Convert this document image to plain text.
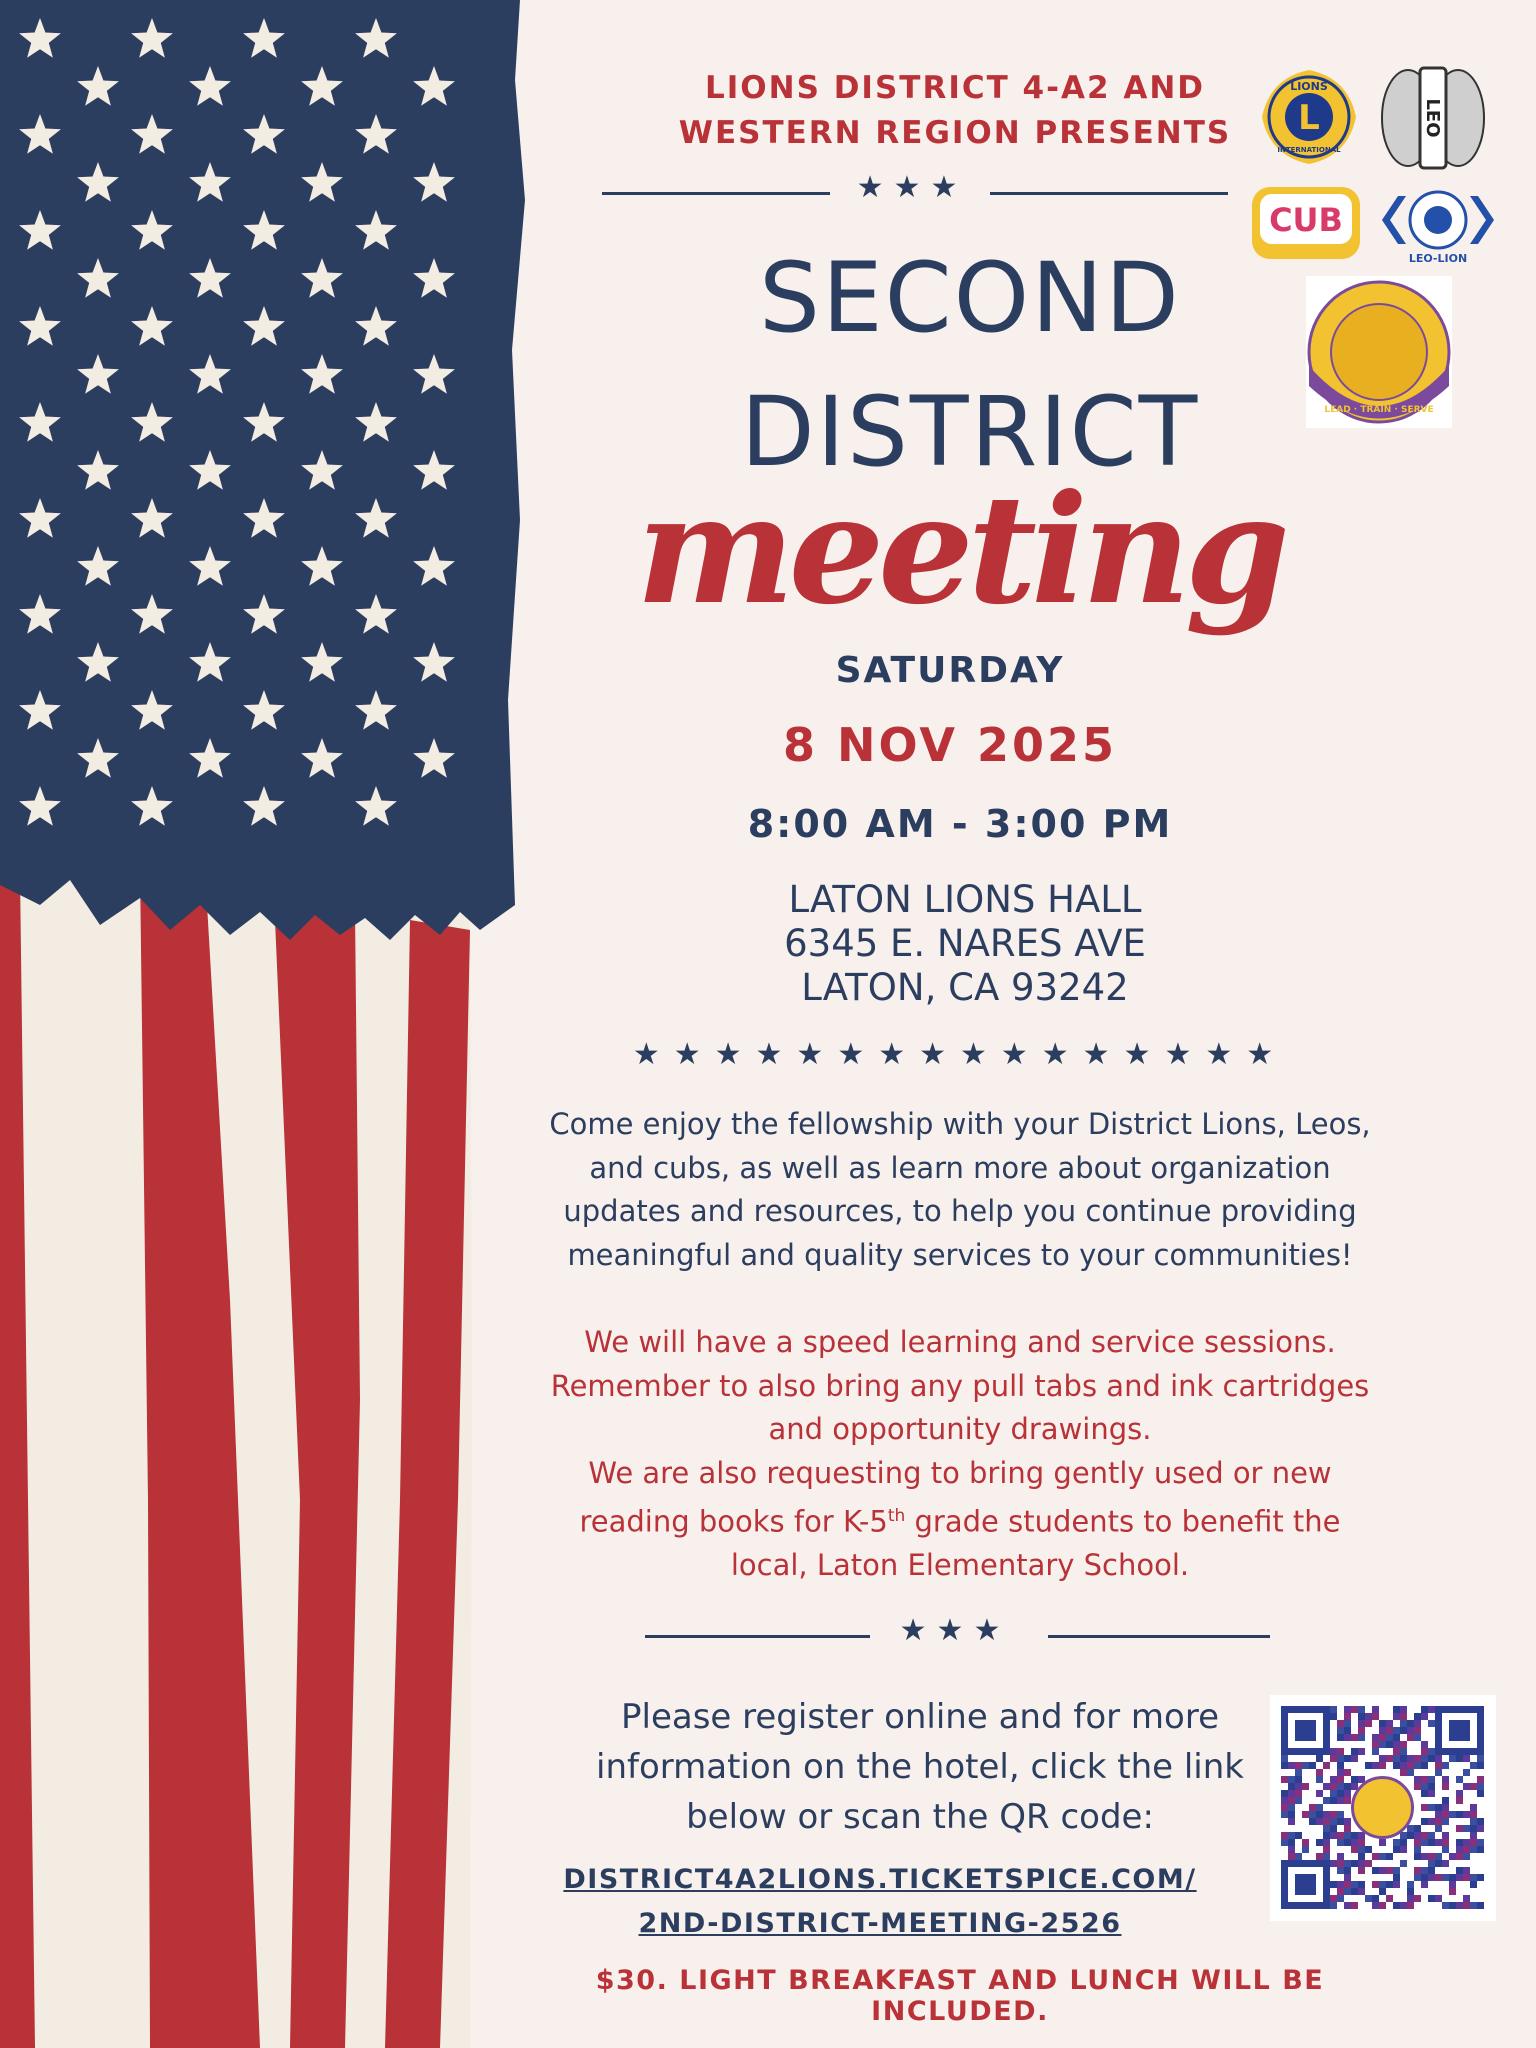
LIONS DISTRICT 4-A2 AND
WESTERN REGION PRESENTS
★★★
SECOND
DISTRICT
meeting
SATURDAY
8 NOV 2025
8:00 AM - 3:00 PM
LATON LIONS HALL
6345 E. NARES AVE
LATON, CA 93242
★★★★★★★★★★★★★★★★
Come enjoy the fellowship with your District Lions, Leos,
and cubs, as well as learn more about organization
updates and resources, to help you continue providing
meaningful and quality services to your communities!
We will have a speed learning and service sessions.
Remember to also bring any pull tabs and ink cartridges
and opportunity drawings.
We are also requesting to bring gently used or new
reading books for K-5th grade students to benefit the
local, Laton Elementary School.
★★★
Please register online and for more
information on the hotel, click the link
below or scan the QR code:
DISTRICT4A2LIONS.TICKETSPICE.COM/
2ND-DISTRICT-MEETING-2526
$30. LIGHT BREAKFAST AND LUNCH WILL BE INCLUDED.
L
LIONS
INTERNATIONAL
LEO
CUB
LEO-LION
LEAD · TRAIN · SERVE
